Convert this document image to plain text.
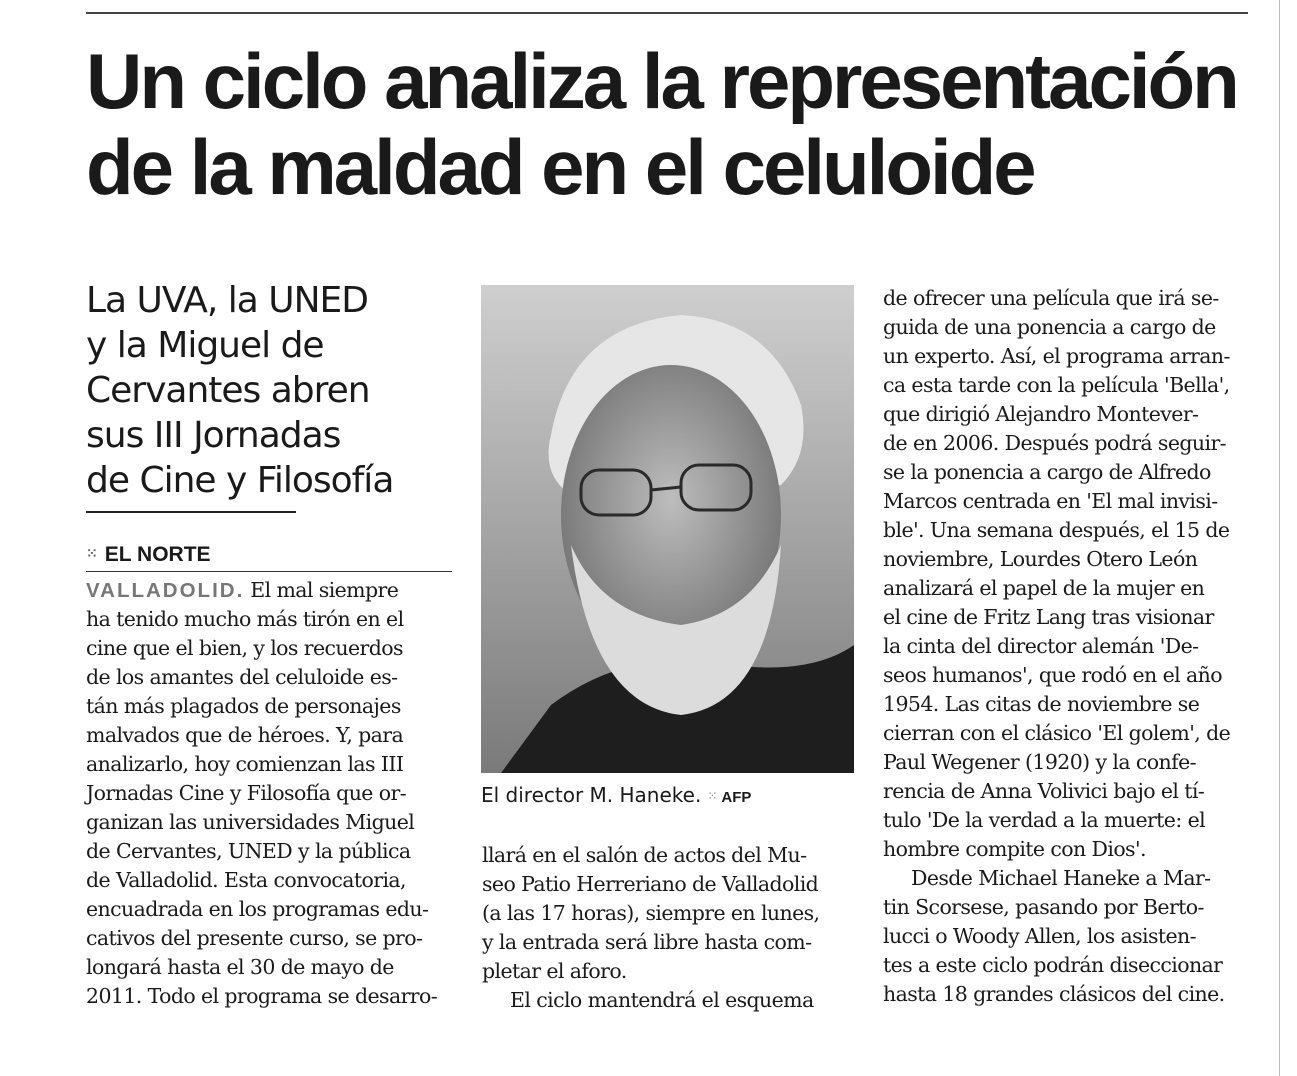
Un ciclo analiza la representación
de la maldad en el celuloide
La UVA, la UNED
y la Miguel de
Cervantes abren
sus III Jornadas
de Cine y Filosofía
⁙ EL NORTE
VALLADOLID. El mal siempre
ha tenido mucho más tirón en el
cine que el bien, y los recuerdos
de los amantes del celuloide es-
tán más plagados de personajes
malvados que de héroes. Y, para
analizarlo, hoy comienzan las III
Jornadas Cine y Filosofía que or-
ganizan las universidades Miguel
de Cervantes, UNED y la pública
de Valladolid. Esta convocatoria,
encuadrada en los programas edu-
cativos del presente curso, se pro-
longará hasta el 30 de mayo de
2011. Todo el programa se desarro-
El director M. Haneke. ⁙ AFP
llará en el salón de actos del Mu-
seo Patio Herreriano de Valladolid
(a las 17 horas), siempre en lunes,
y la entrada será libre hasta com-
pletar el aforo.
El ciclo mantendrá el esquema
de ofrecer una película que irá se-
guida de una ponencia a cargo de
un experto. Así, el programa arran-
ca esta tarde con la película 'Bella',
que dirigió Alejandro Montever-
de en 2006. Después podrá seguir-
se la ponencia a cargo de Alfredo
Marcos centrada en 'El mal invisi-
ble'. Una semana después, el 15 de
noviembre, Lourdes Otero León
analizará el papel de la mujer en
el cine de Fritz Lang tras visionar
la cinta del director alemán 'De-
seos humanos', que rodó en el año
1954. Las citas de noviembre se
cierran con el clásico 'El golem', de
Paul Wegener (1920) y la confe-
rencia de Anna Volivici bajo el tí-
tulo 'De la verdad a la muerte: el
hombre compite con Dios'.
Desde Michael Haneke a Mar-
tin Scorsese, pasando por Berto-
lucci o Woody Allen, los asisten-
tes a este ciclo podrán diseccionar
hasta 18 grandes clásicos del cine.
